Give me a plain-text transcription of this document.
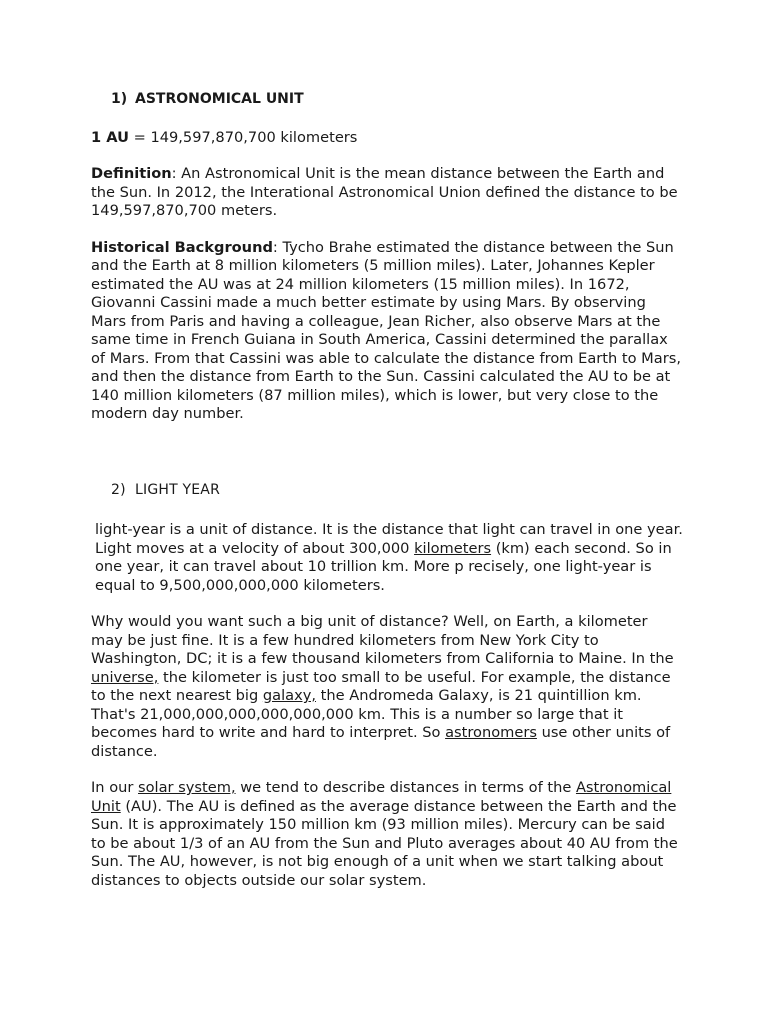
1) ASTRONOMICAL UNIT

1 AU = 149,597,870,700 kilometers

Definition: An Astronomical Unit is the mean distance between the Earth and the Sun. In 2012, the Interational Astronomical Union defined the distance to be 149,597,870,700 meters.

Historical Background: Tycho Brahe estimated the distance between the Sun and the Earth at 8 million kilometers (5 million miles). Later, Johannes Kepler estimated the AU was at 24 million kilometers (15 million miles). In 1672, Giovanni Cassini made a much better estimate by using Mars. By observing Mars from Paris and having a colleague, Jean Richer, also observe Mars at the same time in French Guiana in South America, Cassini determined the parallax of Mars. From that Cassini was able to calculate the distance from Earth to Mars, and then the distance from Earth to the Sun. Cassini calculated the AU to be at 140 million kilometers (87 million miles), which is lower, but very close to the modern day number.

2) LIGHT YEAR

light-year is a unit of distance. It is the distance that light can travel in one year. Light moves at a velocity of about 300,000 kilometers (km) each second. So in one year, it can travel about 10 trillion km. More p recisely, one light-year is equal to 9,500,000,000,000 kilometers.

Why would you want such a big unit of distance? Well, on Earth, a kilometer may be just fine. It is a few hundred kilometers from New York City to Washington, DC; it is a few thousand kilometers from California to Maine. In the universe, the kilometer is just too small to be useful. For example, the distance to the next nearest big galaxy, the Andromeda Galaxy, is 21 quintillion km. That's 21,000,000,000,000,000,000 km. This is a number so large that it becomes hard to write and hard to interpret. So astronomers use other units of distance.

In our solar system, we tend to describe distances in terms of the Astronomical Unit (AU). The AU is defined as the average distance between the Earth and the Sun. It is approximately 150 million km (93 million miles). Mercury can be said to be about 1/3 of an AU from the Sun and Pluto averages about 40 AU from the Sun. The AU, however, is not big enough of a unit when we start talking about distances to objects outside our solar system.
